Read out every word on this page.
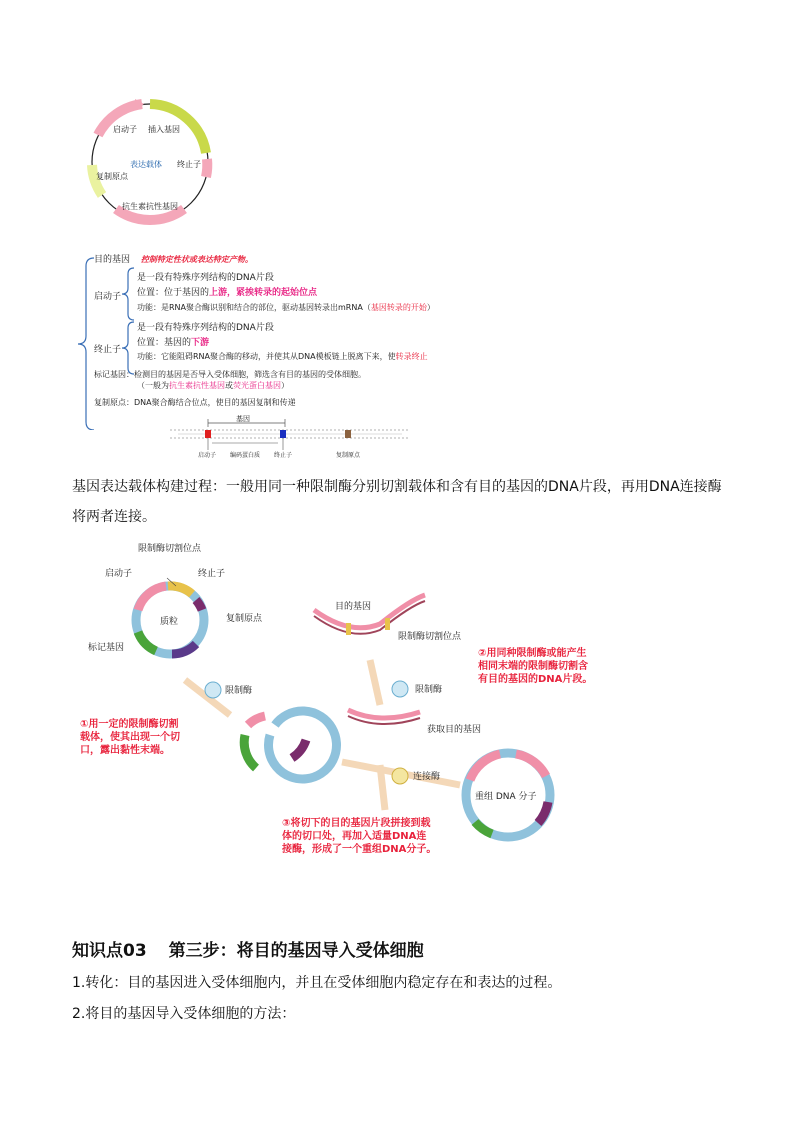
启动子 插入基因
表达载体 终止子
复制原点
抗生素抗性基因
目的基因 控制特定性状或表达特定产物。
启动子
是一段有特殊序列结构的DNA片段
位置：位于基因的上游，紧挨转录的起始位点
功能：是RNA聚合酶识别和结合的部位，驱动基因转录出mRNA（基因转录的开始）
终止子
是一段有特殊序列结构的DNA片段
位置：基因的下游
功能：它能阻碍RNA聚合酶的移动，并使其从DNA模板链上脱离下来，使转录终止
标记基因：检测目的基因是否导入受体细胞，筛选含有目的基因的受体细胞。
（一般为抗生素抗性基因或荧光蛋白基因）
复制原点：DNA聚合酶结合位点，使目的基因复制和传递
基因
启动子 编码蛋白质 终止子	复制原点
基因表达载体构建过程：一般用同一种限制酶分别切割载体和含有目的基因的DNA片段，再用DNA连接酶将两者连接。
质粒
限制酶切割位点
启动子	终止子
复制原点
标记基因
目的基因
限制酶切割位点
限制酶	限制酶
连接酶
获取目的基因
重组 DNA 分子
①用一定的限制酶切割
载体，使其出现一个切
口，露出黏性末端。
②用同种限制酶或能产生
相同末端的限制酶切割含
有目的基因的DNA片段。
③将切下的目的基因片段拼接到载
体的切口处，再加入适量DNA连
接酶，形成了一个重组DNA分子。
知识点03 第三步：将目的基因导入受体细胞
1.转化：目的基因进入受体细胞内，并且在受体细胞内稳定存在和表达的过程。
2.将目的基因导入受体细胞的方法：
